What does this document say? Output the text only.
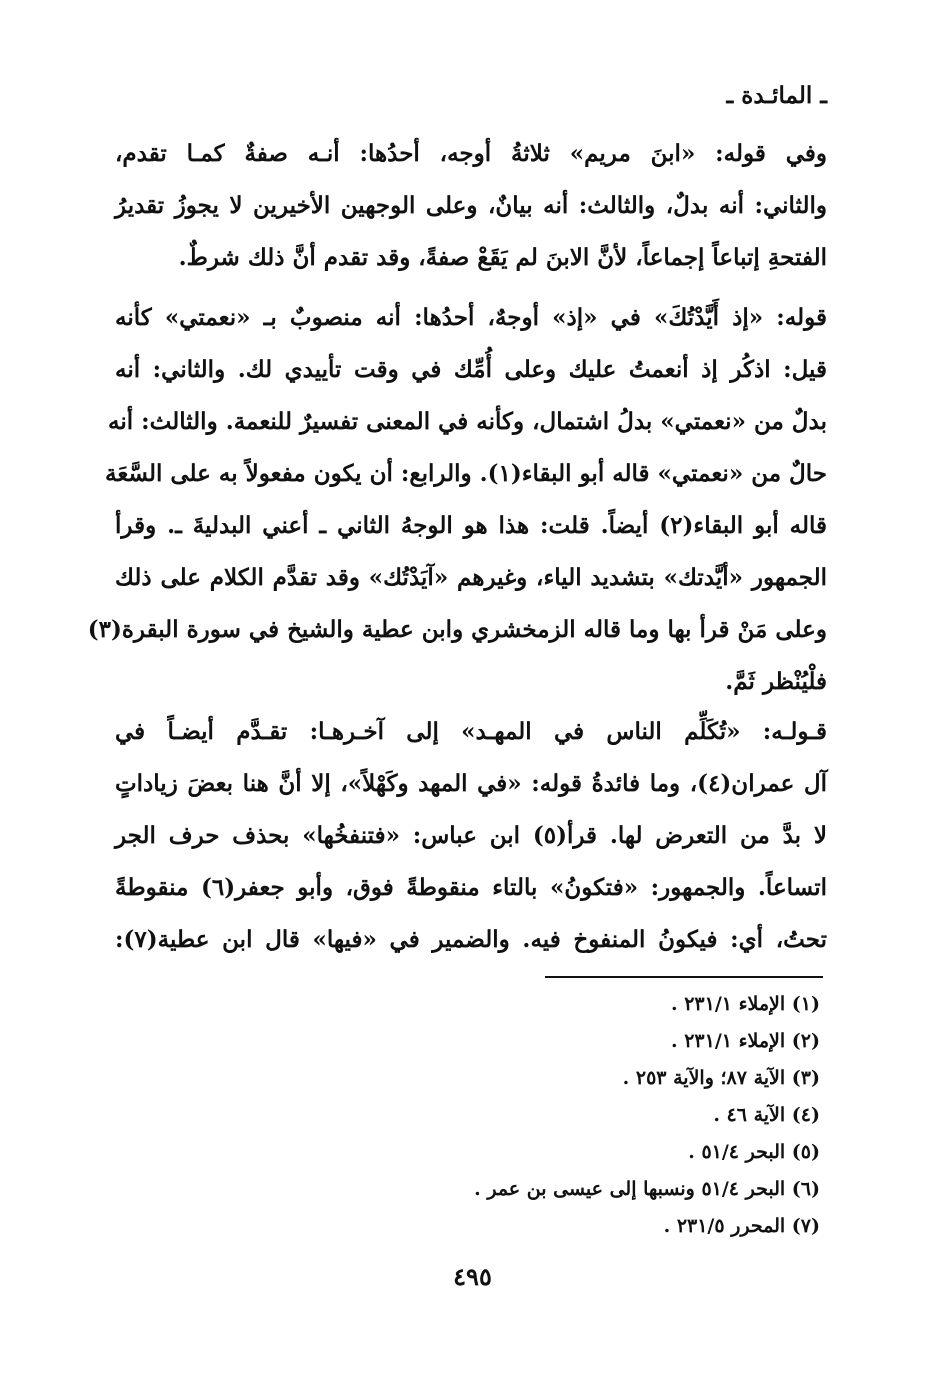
ـ المائـدة ـ
وفي قوله: «ابنَ مريم» ثلاثةُ أوجه، أحدُها: أنـه صفةٌ كمـا تقدم،
والثاني: أنه بدلٌ، والثالث: أنه بيانٌ، وعلى الوجهين الأخيرين لا يجوزُ تقديرُ
الفتحةِ إتباعاً إجماعاً، لأنَّ الابنَ لم يَقَعْ صفةً، وقد تقدم أنَّ ذلك شرطٌ.
قوله: «إذ أَيَّدْتُكَ» في «إذ» أوجهٌ، أحدُها: أنه منصوبٌ بـ «نعمتي» كأنه
قيل: اذكُر إذ أنعمتُ عليك وعلى أُمِّك في وقت تأييدي لك. والثاني: أنه
بدلٌ من «نعمتي» بدلُ اشتمال، وكأنه في المعنى تفسيرٌ للنعمة. والثالث: أنه
حالٌ من «نعمتي» قاله أبو البقاء(١). والرابع: أن يكون مفعولاً به على السَّعَة
قاله أبو البقاء(٢) أيضاً. قلت: هذا هو الوجهُ الثاني ـ أعني البدليةَ ـ. وقرأ
الجمهور «أيَّدتك» بتشديد الياء، وغيرهم «آيَدْتُك» وقد تقدَّم الكلام على ذلك
وعلى مَنْ قرأ بها وما قاله الزمخشري وابن عطية والشيخ في سورة البقرة(٣)
فلْيُنْظر ثَمَّ.
قـولـه: «تُكَلِّم الناس في المهـد» إلى آخـرهـا: تقـدَّم أيضـاً في
آل عمران(٤)، وما فائدةُ قوله: «في المهد وكَهْلاً»، إلا أنَّ هنا بعضَ زياداتٍ
لا بدَّ من التعرض لها. قرأ(٥) ابن عباس: «فتنفخُها» بحذف حرف الجر
اتساعاً. والجمهور: «فتكونُ» بالتاء منقوطةً فوق، وأبو جعفر(٦) منقوطةً
تحتُ، أي: فيكونُ المنفوخ فيه. والضمير في «فيها» قال ابن عطية(٧):
(١) الإملاء ٢٣١/١ .
(٢) الإملاء ٢٣١/١ .
(٣) الآية ٨٧؛ والآية ٢٥٣ .
(٤) الآية ٤٦ .
(٥) البحر ٥١/٤ .
(٦) البحر ٥١/٤ ونسبها إلى عيسى بن عمر .
(٧) المحرر ٢٣١/٥ .
٤٩٥
